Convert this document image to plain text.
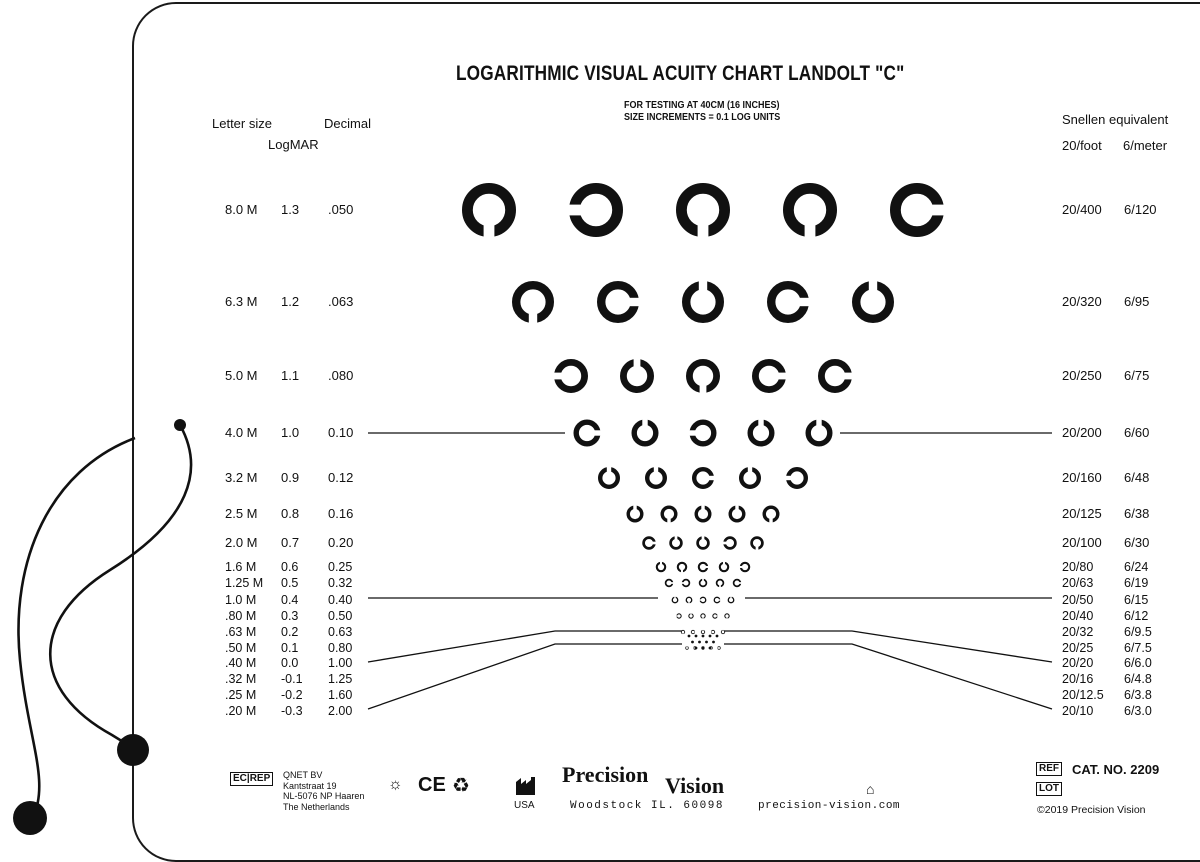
LOGARITHMIC VISUAL ACUITY CHART LANDOLT "C"
FOR TESTING AT 40CM (16 INCHES)
SIZE INCREMENTS = 0.1 LOG UNITS
Letter size
LogMAR
Decimal	Snellen equivalent
20/foot 6/meter
8.0 M 1.3 .050	20/400 6/120
6.3 M 1.2 .063	20/320 6/95
5.0 M 1.1 .080	20/250 6/75
4.0 M 1.0 0.10	20/200 6/60
3.2 M 0.9 0.12	20/160 6/48
2.5 M 0.8 0.16	20/125 6/38
2.0 M 0.7 0.20	20/100 6/30
1.6 M 0.6 0.25	20/80 6/24
1.25 M 0.5 0.32	20/63 6/19
1.0 M 0.4 0.40	20/50 6/15
.80 M 0.3 0.50	20/40 6/12
.63 M 0.2 0.63	20/32 6/9.5
.50 M 0.1 0.80	20/25 6/7.5
.40 M 0.0 1.00	20/20 6/6.0
.32 M -0.1 1.25	20/16 6/4.8
.25 M -0.2 1.60	20/12.5 6/3.8
.20 M -0.3 2.00	20/10 6/3.0
EC|REP	QNET BV
Kantstraat 19
NL-5076 NP Haaren
The Netherlands
☼ CE ♻
USA
Precision Vision
Woodstock IL. 60098	precision-vision.com
⌂
REF
LOT
CAT. NO. 2209
©2019 Precision Vision
